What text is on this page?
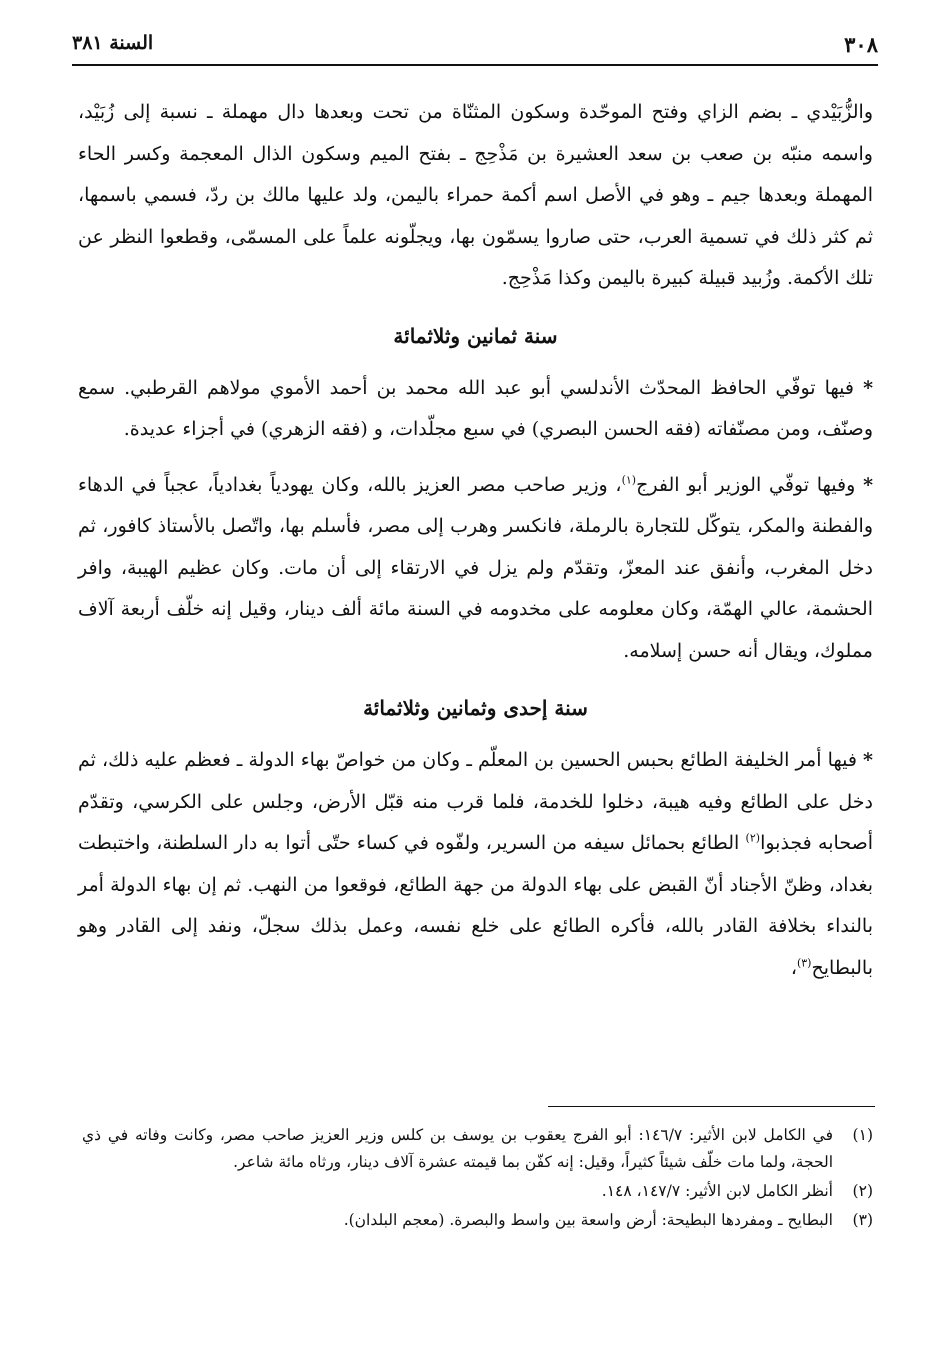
٣٠٨
السنة ٣٨١

والزُّبَيْدي ـ بضم الزاي وفتح الموحّدة وسكون المثنّاة من تحت وبعدها دال مهملة ـ نسبة إلى زُبَيْد، واسمه منبّه بن صعب بن سعد العشيرة بن مَذْحِج ـ بفتح الميم وسكون الذال المعجمة وكسر الحاء المهملة وبعدها جيم ـ وهو في الأصل اسم أكمة حمراء باليمن، ولد عليها مالك بن ردّ، فسمي باسمها، ثم كثر ذلك في تسمية العرب، حتى صاروا يسمّون بها، ويجلّونه علماً على المسمّى، وقطعوا النظر عن تلك الأكمة. وزُبيد قبيلة كبيرة باليمن وكذا مَذْحِج.

سنة ثمانين وثلاثمائة

* فيها توفّي الحافظ المحدّث الأندلسي أبو عبد الله محمد بن أحمد الأموي مولاهم القرطبي. سمع وصنّف، ومن مصنّفاته (فقه الحسن البصري) في سبع مجلّدات، و (فقه الزهري) في أجزاء عديدة.

* وفيها توفّي الوزير أبو الفرج$^{(١)}$، وزير صاحب مصر العزيز بالله، وكان يهودياً بغدادياً، عجباً في الدهاء والفطنة والمكر، يتوكّل للتجارة بالرملة، فانكسر وهرب إلى مصر، فأسلم بها، واتّصل بالأستاذ كافور، ثم دخل المغرب، وأنفق عند المعزّ، وتقدّم ولم يزل في الارتقاء إلى أن مات. وكان عظيم الهيبة، وافر الحشمة، عالي الهمّة، وكان معلومه على مخدومه في السنة مائة ألف دينار، وقيل إنه خلّف أربعة آلاف مملوك، ويقال أنه حسن إسلامه.

سنة إحدى وثمانين وثلاثمائة

* فيها أمر الخليفة الطائع بحبس الحسين بن المعلّم ـ وكان من خواصّ بهاء الدولة ـ فعظم عليه ذلك، ثم دخل على الطائع وفيه هيبة، دخلوا للخدمة، فلما قرب منه قبّل الأرض، وجلس على الكرسي، وتقدّم أصحابه فجذبوا$^{(٢)}$ الطائع بحمائل سيفه من السرير، ولفّوه في كساء حتّى أتوا به دار السلطنة، واختبطت بغداد، وظنّ الأجناد أنّ القبض على بهاء الدولة من جهة الطائع، فوقعوا من النهب. ثم إن بهاء الدولة أمر بالنداء بخلافة القادر بالله، فأكره الطائع على خلع نفسه، وعمل بذلك سجلّ، ونفد إلى القادر وهو بالبطايح$^{(٣)}$،

(١)
في الكامل لابن الأثير: ١٤٦/٧: أبو الفرج يعقوب بن يوسف بن كلس وزير العزيز صاحب مصر، وكانت وفاته في ذي الحجة، ولما مات خلّف شيئاً كثيراً، وقيل: إنه كفّن بما قيمته عشرة آلاف دينار، ورثاه مائة شاعر.
(٢)
أنظر الكامل لابن الأثير: ١٤٧/٧، ١٤٨.
(٣)
البطايح ـ ومفردها البطيحة: أرض واسعة بين واسط والبصرة. (معجم البلدان).
